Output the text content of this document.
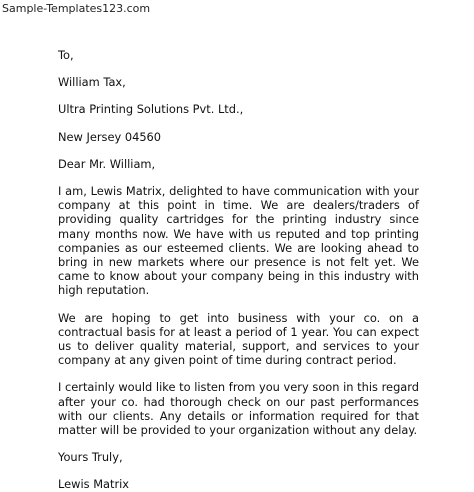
Sample-Templates123.com

To,

William Tax,

Ultra Printing Solutions Pvt. Ltd.,

New Jersey 04560

Dear Mr. William,

I am, Lewis Matrix, delighted to have communication with your company at this point in time. We are dealers/traders of providing quality cartridges for the printing industry since many months now. We have with us reputed and top printing companies as our esteemed clients. We are looking ahead to bring in new markets where our presence is not felt yet. We came to know about your company being in this industry with high reputation.

We are hoping to get into business with your co. on a contractual basis for at least a period of 1 year. You can expect us to deliver quality material, support, and services to your company at any given point of time during contract period.

I certainly would like to listen from you very soon in this regard after your co. had thorough check on our past performances with our clients. Any details or information required for that matter will be provided to your organization without any delay.

Yours Truly,

Lewis Matrix
